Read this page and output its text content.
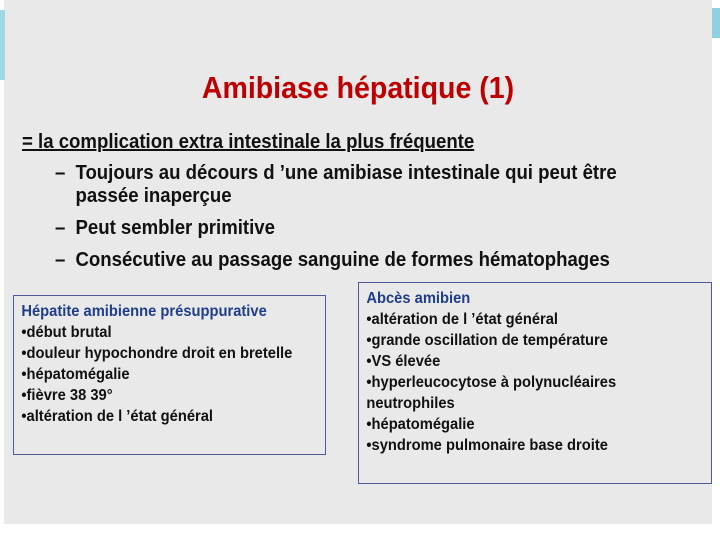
Amibiase hépatique (1)
= la complication extra intestinale la plus fréquente
– Toujours au décours d ’une amibiase intestinale qui peut être
passée inaperçue
– Peut sembler primitive
– Consécutive au passage sanguine de formes hématophages
Hépatite amibienne présuppurative
•début brutal
•douleur hypochondre droit en bretelle
•hépatomégalie
•fièvre 38 39°
•altération de l ’état général
Abcès amibien
•altération de l ’état général
•grande oscillation de température
•VS élevée
•hyperleucocytose à polynucléaires
neutrophiles
•hépatomégalie
•syndrome pulmonaire base droite
